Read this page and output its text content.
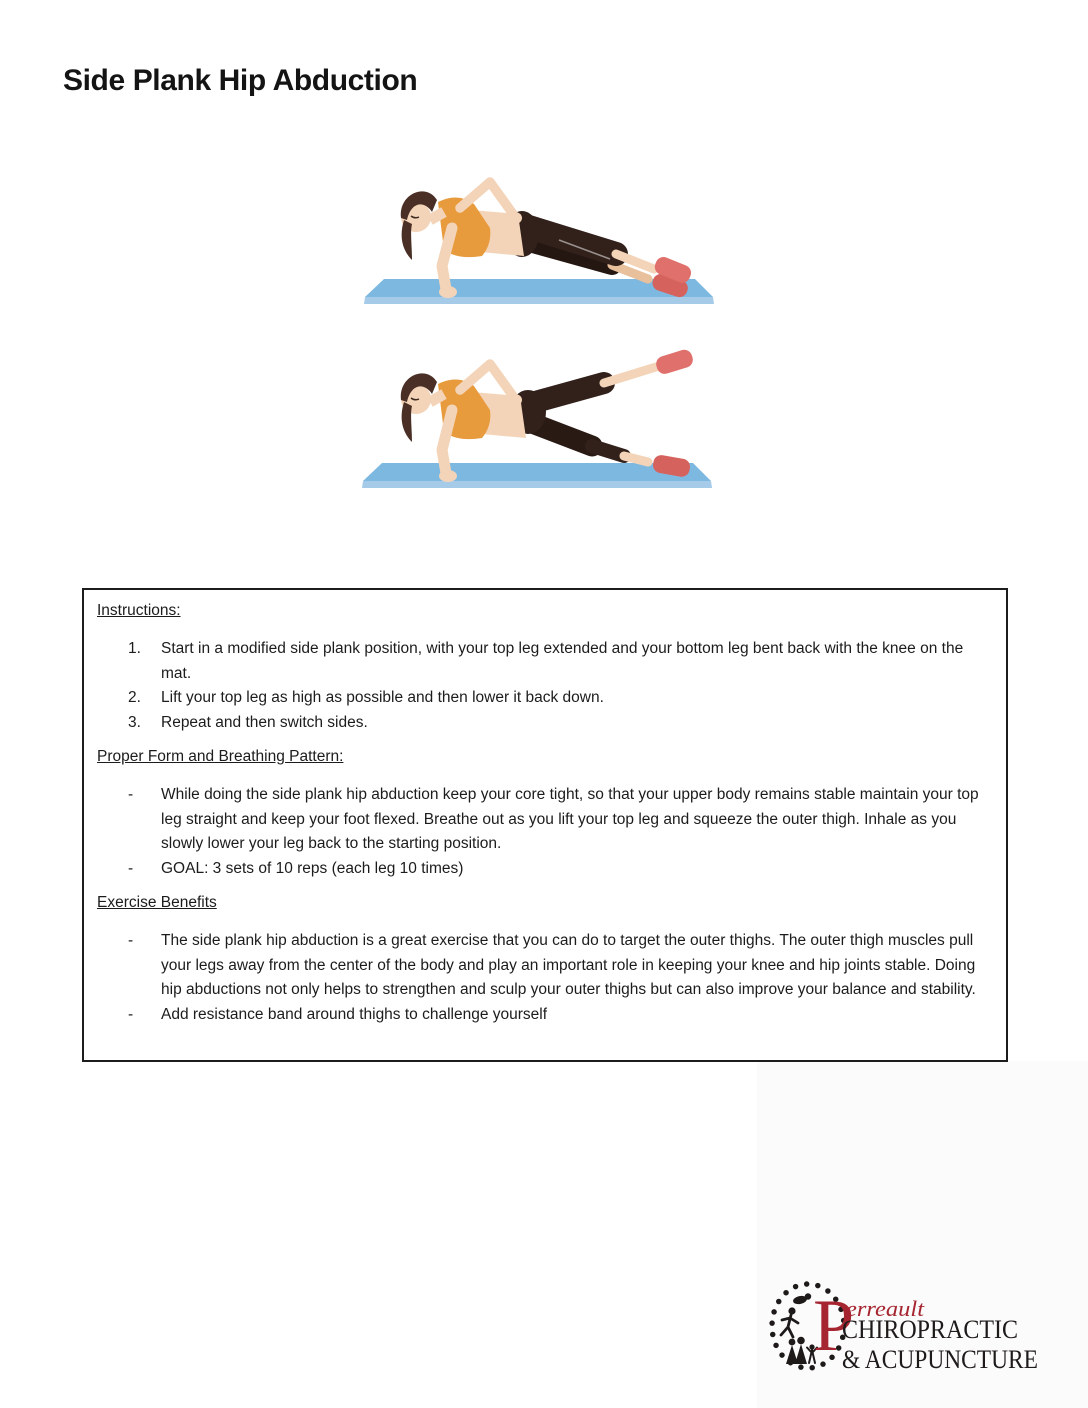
Side Plank Hip Abduction
Instructions:
1.	Start in a modified side plank position, with your top leg extended and your bottom leg bent back with the knee on the mat.
2.	Lift your top leg as high as possible and then lower it back down.
3.	Repeat and then switch sides.
Proper Form and Breathing Pattern:
-	While doing the side plank hip abduction keep your core tight, so that your upper body remains stable maintain your top leg straight and keep your foot flexed. Breathe out as you lift your top leg and squeeze the outer thigh. Inhale as you slowly lower your leg back to the starting position.
-	GOAL: 3 sets of 10 reps (each leg 10 times)
Exercise Benefits
-	The side plank hip abduction is a great exercise that you can do to target the outer thighs. The outer thigh muscles pull your legs away from the center of the body and play an important role in keeping your knee and hip joints stable. Doing hip abductions not only helps to strengthen and sculp your outer thighs but can also improve your balance and stability.
-	Add resistance band around thighs to challenge yourself
P
erreault
CHIROPRACTIC
& ACUPUNCTURE
